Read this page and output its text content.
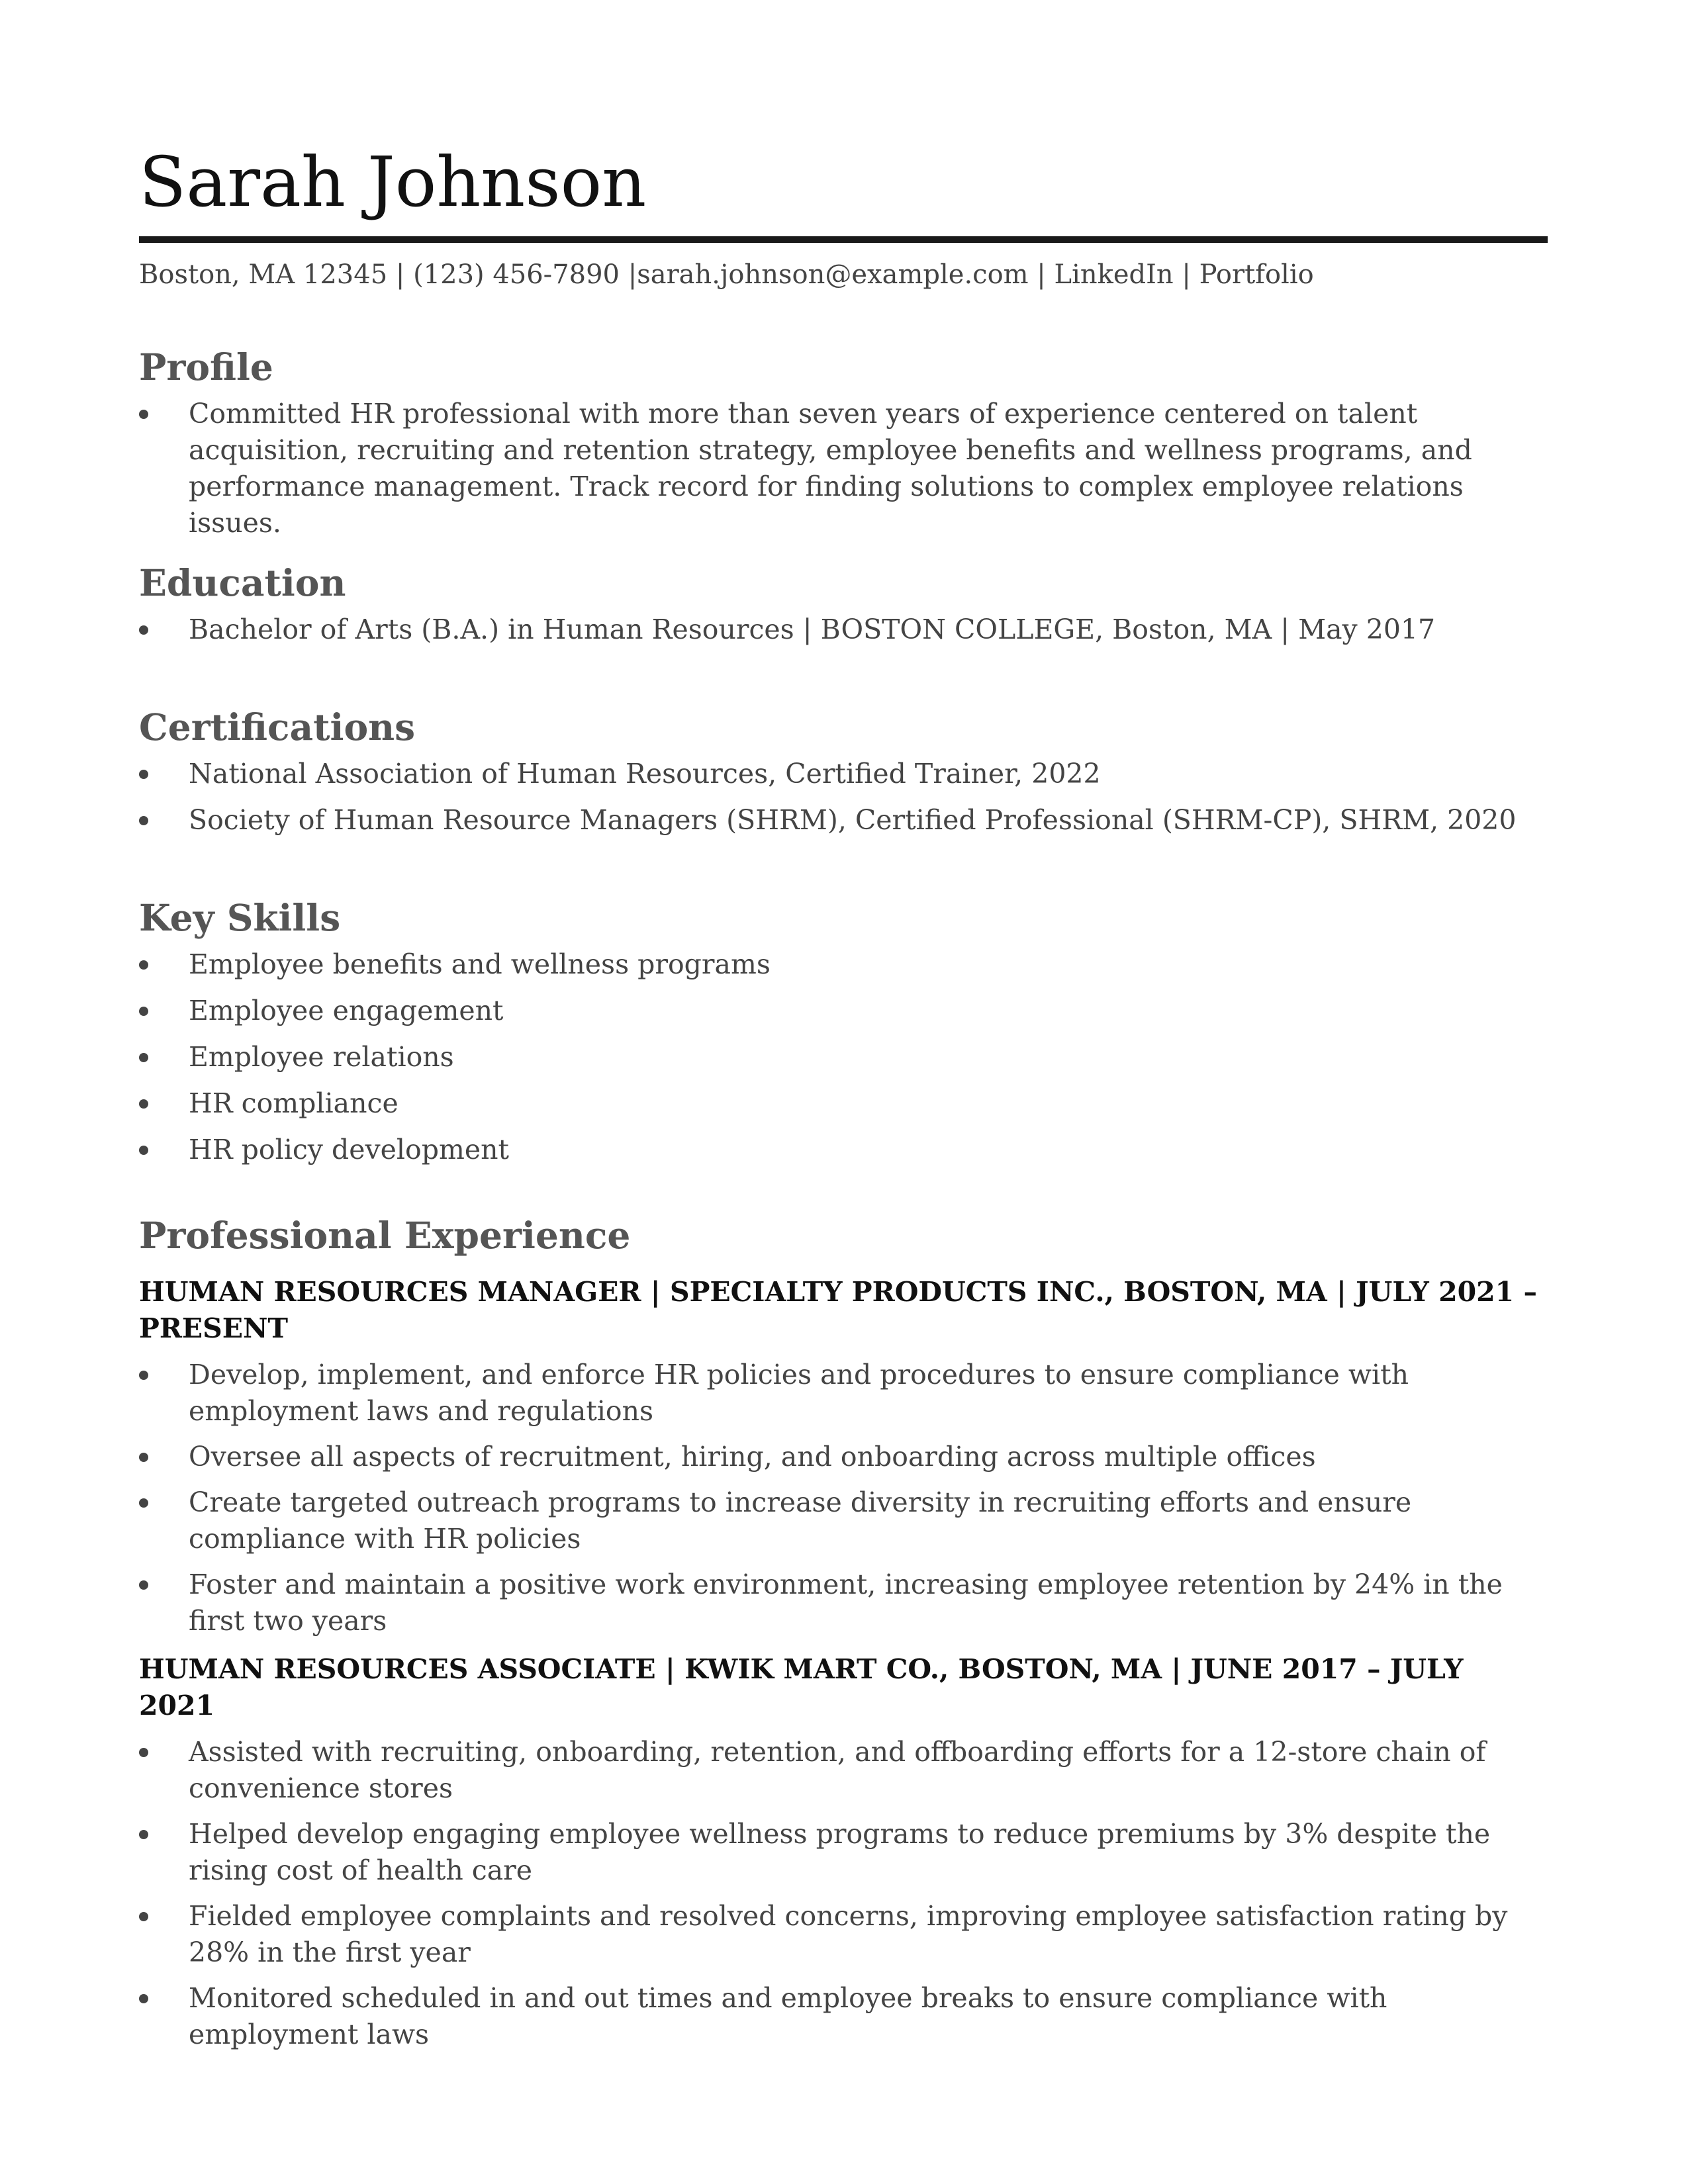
Sarah Johnson
Boston, MA 12345 | (123) 456-7890 |sarah.johnson@example.com | LinkedIn | Portfolio
Profile
Committed HR professional with more than seven years of experience centered on talent acquisition, recruiting and retention strategy, employee benefits and wellness programs, and performance management. Track record for finding solutions to complex employee relations issues.
Education
Bachelor of Arts (B.A.) in Human Resources | BOSTON COLLEGE, Boston, MA | May 2017
Certifications
National Association of Human Resources, Certified Trainer, 2022
Society of Human Resource Managers (SHRM), Certified Professional (SHRM-CP), SHRM, 2020
Key Skills
Employee benefits and wellness programs
Employee engagement
Employee relations
HR compliance
HR policy development
Professional Experience
HUMAN RESOURCES MANAGER | SPECIALTY PRODUCTS INC., BOSTON, MA | JULY 2021 – PRESENT
Develop, implement, and enforce HR policies and procedures to ensure compliance with employment laws and regulations
Oversee all aspects of recruitment, hiring, and onboarding across multiple offices
Create targeted outreach programs to increase diversity in recruiting efforts and ensure compliance with HR policies
Foster and maintain a positive work environment, increasing employee retention by 24% in the first two years
HUMAN RESOURCES ASSOCIATE | KWIK MART CO., BOSTON, MA | JUNE 2017 – JULY 2021
Assisted with recruiting, onboarding, retention, and offboarding efforts for a 12-store chain of convenience stores
Helped develop engaging employee wellness programs to reduce premiums by 3% despite the rising cost of health care
Fielded employee complaints and resolved concerns, improving employee satisfaction rating by 28% in the first year
Monitored scheduled in and out times and employee breaks to ensure compliance with employment laws
